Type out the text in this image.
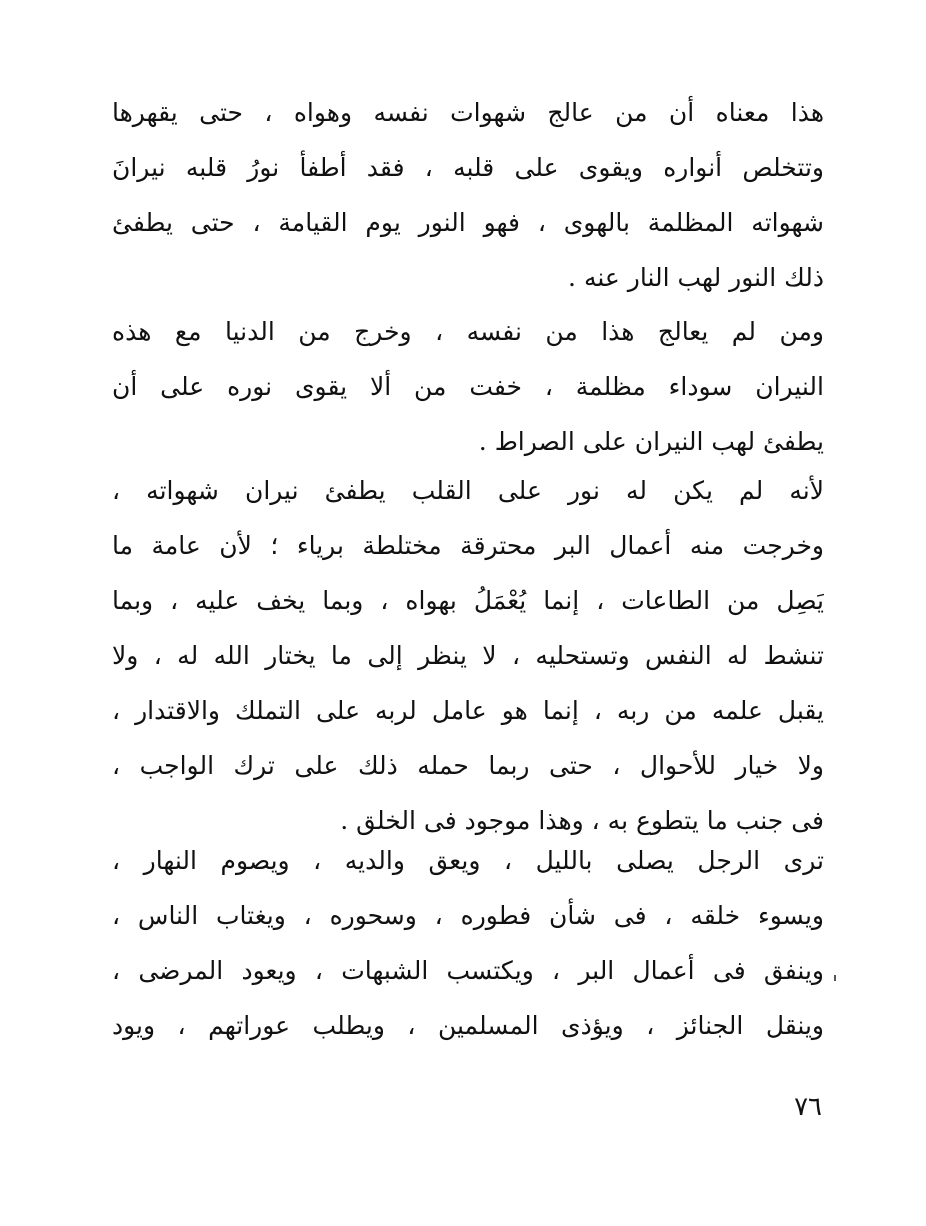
هذا معناه أن من عالج شهوات نفسه وهواه ، حتى يقهرها
وتتخلص أنواره ويقوى على قلبه ، فقد أطفأ نورُ قلبه نيرانَ
شهواته المظلمة بالهوى ، فهو النور يوم القيامة ، حتى يطفئ
ذلك النور لهب النار عنه .
ومن لم يعالج هذا من نفسه ، وخرج من الدنيا مع هذه
النيران سوداء مظلمة ، خفت من ألا يقوى نوره على أن
يطفئ لهب النيران على الصراط .
لأنه لم يكن له نور على القلب يطفئ نيران شهواته ،
وخرجت منه أعمال البر محترقة مختلطة برياء ؛ لأن عامة ما
يَصِل من الطاعات ، إنما يُعْمَلُ بهواه ، وبما يخف عليه ، وبما
تنشط له النفس وتستحليه ، لا ينظر إلى ما يختار الله له ، ولا
يقبل علمه من ربه ، إنما هو عامل لربه على التملك والاقتدار ،
ولا خيار للأحوال ، حتى ربما حمله ذلك على ترك الواجب ،
فى جنب ما يتطوع به ، وهذا موجود فى الخلق .
ترى الرجل يصلى بالليل ، ويعق والديه ، ويصوم النهار ،
ويسوء خلقه ، فى شأن فطوره ، وسحوره ، ويغتاب الناس ،
وينفق فى أعمال البر ، ويكتسب الشبهات ، ويعود المرضى ،
وينقل الجنائز ، ويؤذى المسلمين ، ويطلب عوراتهم ، ويود
٧٦
